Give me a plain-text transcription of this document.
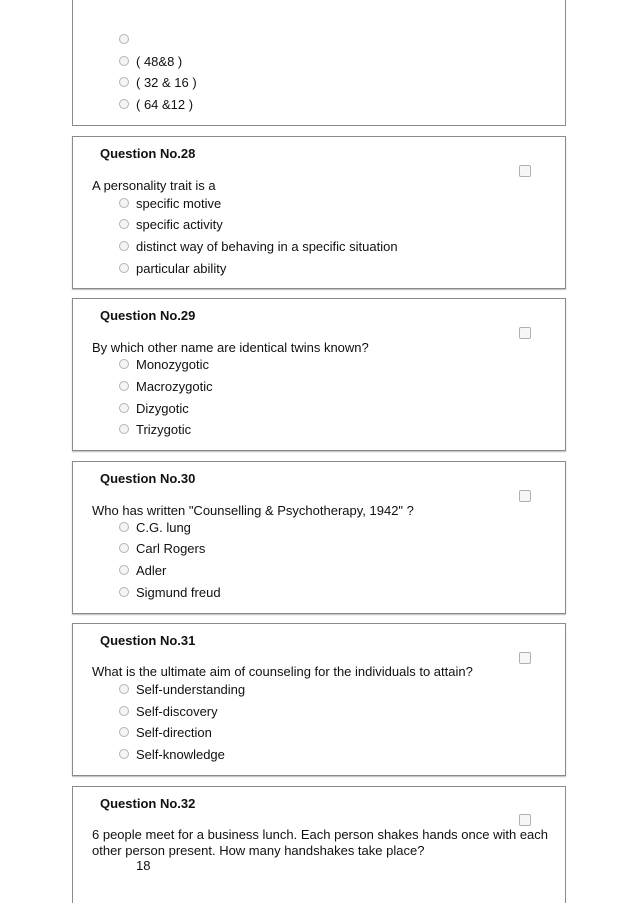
( 48&8 )
( 32 & 16 )
( 64 &12 )
Question No.28
A personality trait is a
specific motive
specific activity
distinct way of behaving in a specific situation
particular ability
Question No.29
By which other name are identical twins known?
Monozygotic
Macrozygotic
Dizygotic
Trizygotic
Question No.30
Who has written "Counselling & Psychotherapy, 1942" ?
C.G. lung
Carl Rogers
Adler
Sigmund freud
Question No.31
What is the ultimate aim of counseling for the individuals to attain?
Self-understanding
Self-discovery
Self-direction
Self-knowledge
Question No.32
6 people meet for a business lunch. Each person shakes hands once with each other person present. How many handshakes take place?
18
